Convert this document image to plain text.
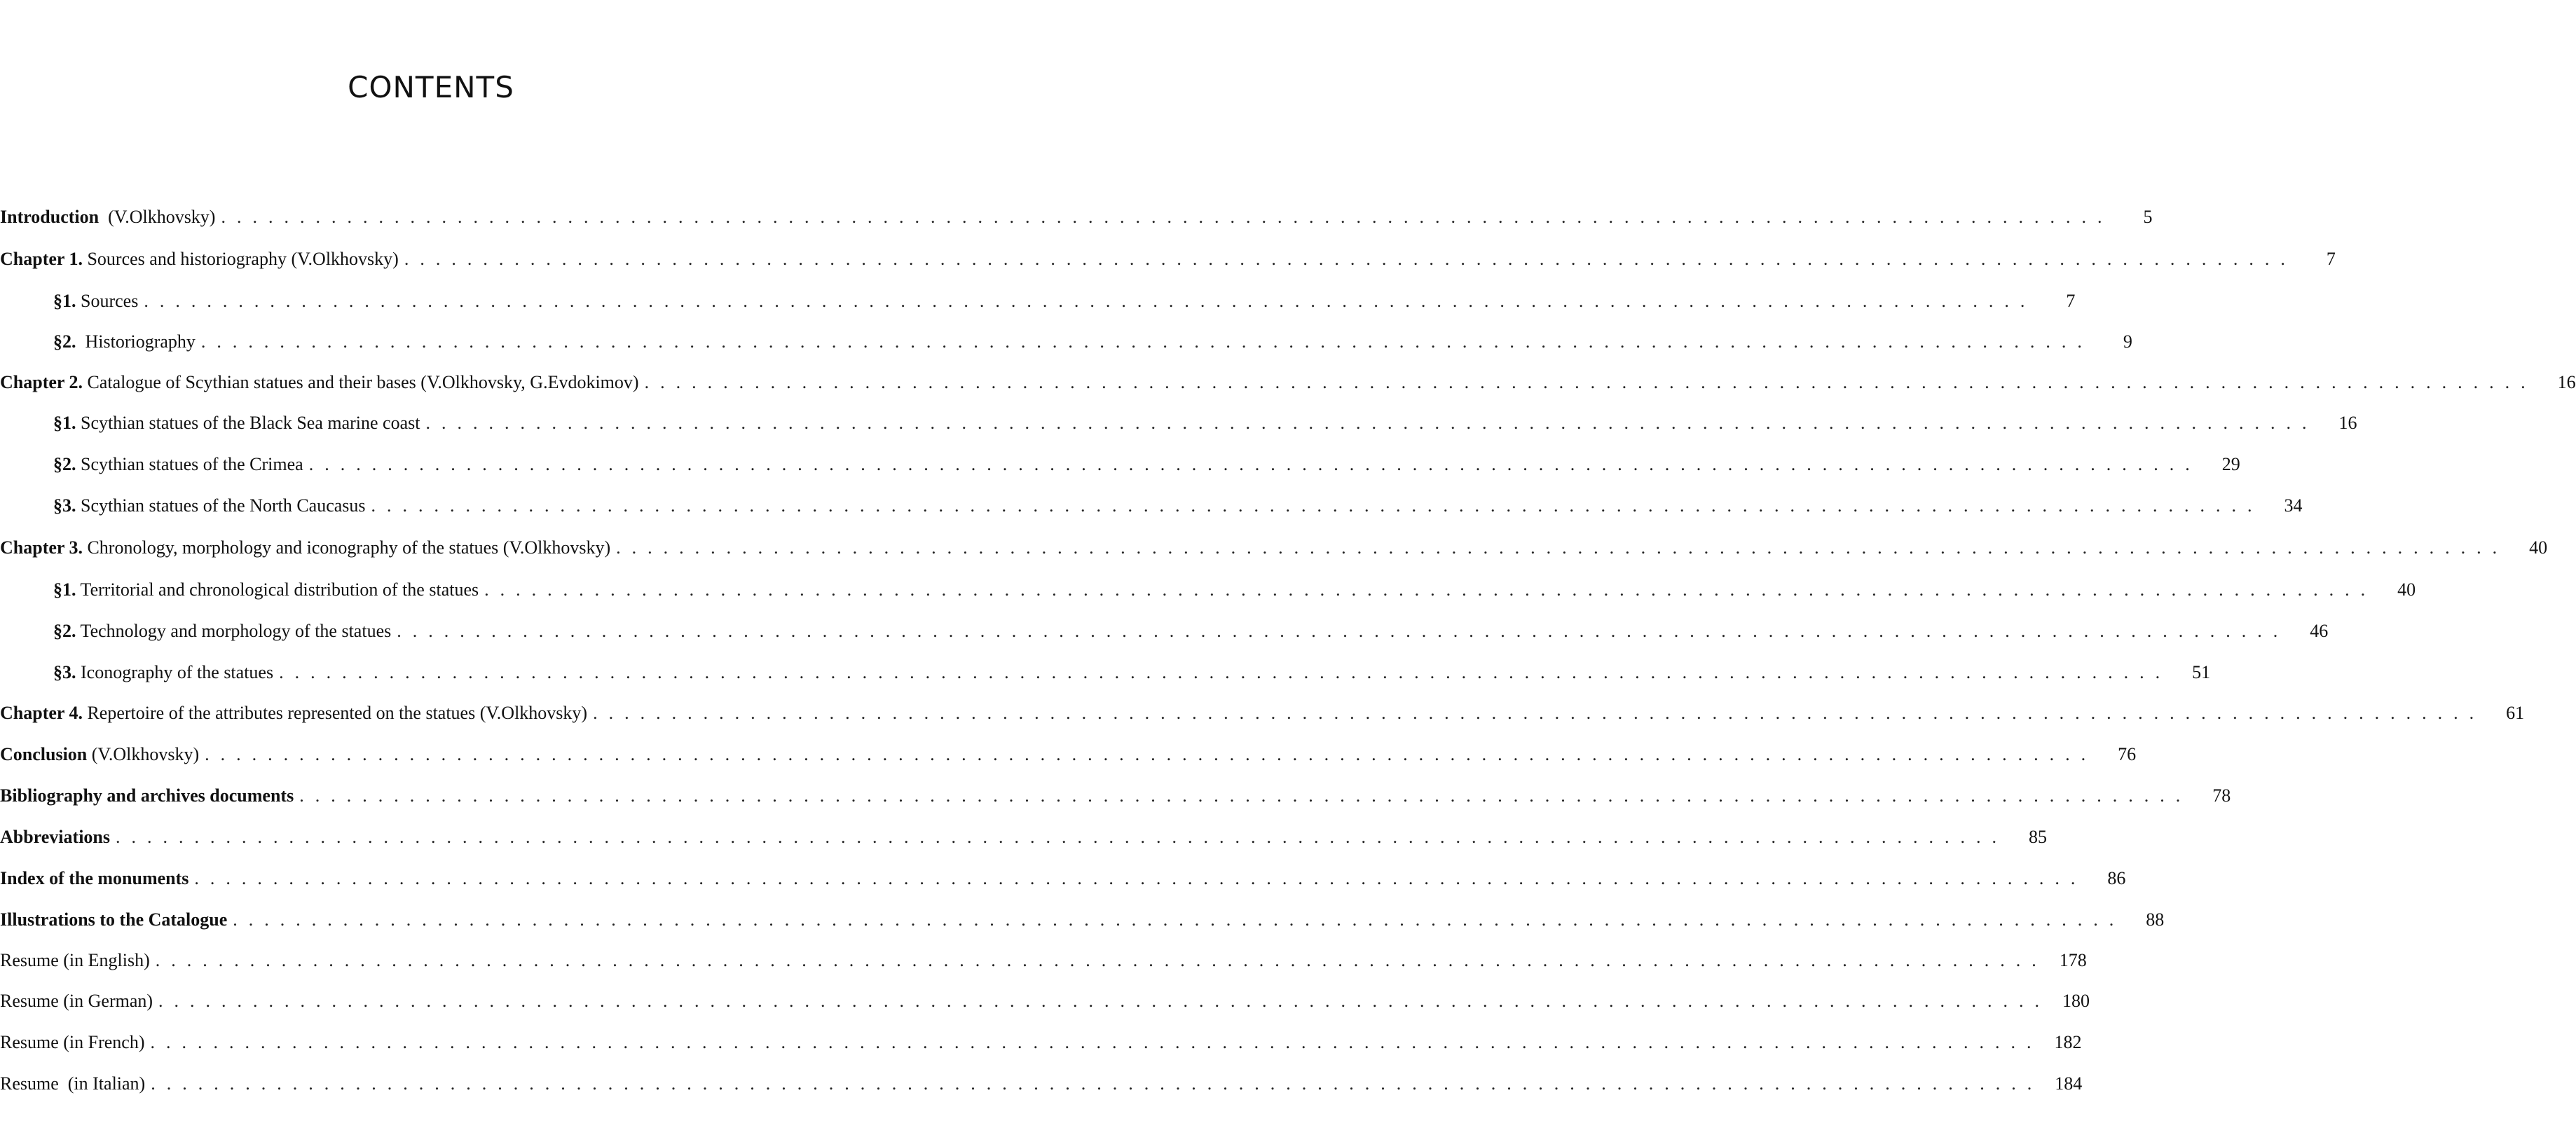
CONTENTS
Introduction  (V.Olkhovsky) ........................................................................................................................	5
Chapter 1. Sources and historiography (V.Olkhovsky) ........................................................................................................................	7
§1. Sources ........................................................................................................................	7
§2.  Historiography ........................................................................................................................	9
Chapter 2. Catalogue of Scythian statues and their bases (V.Olkhovsky, G.Evdokimov) ........................................................................................................................	16
§1. Scythian statues of the Black Sea marine coast ........................................................................................................................	16
§2. Scythian statues of the Crimea ........................................................................................................................	29
§3. Scythian statues of the North Caucasus ........................................................................................................................	34
Chapter 3. Chronology, morphology and iconography of the statues (V.Olkhovsky) ........................................................................................................................	40
§1. Territorial and chronological distribution of the statues ........................................................................................................................	40
§2. Technology and morphology of the statues ........................................................................................................................	46
§3. Iconography of the statues ........................................................................................................................	51
Chapter 4. Repertoire of the attributes represented on the statues (V.Olkhovsky) ........................................................................................................................	61
Conclusion (V.Olkhovsky) ........................................................................................................................	76
Bibliography and archives documents ........................................................................................................................	78
Abbreviations ........................................................................................................................	85
Index of the monuments ........................................................................................................................	86
Illustrations to the Catalogue ........................................................................................................................	88
Resume (in English) ........................................................................................................................ 178
Resume (in German) ........................................................................................................................ 180
Resume (in French) ........................................................................................................................ 182
Resume  (in Italian) ........................................................................................................................ 184
